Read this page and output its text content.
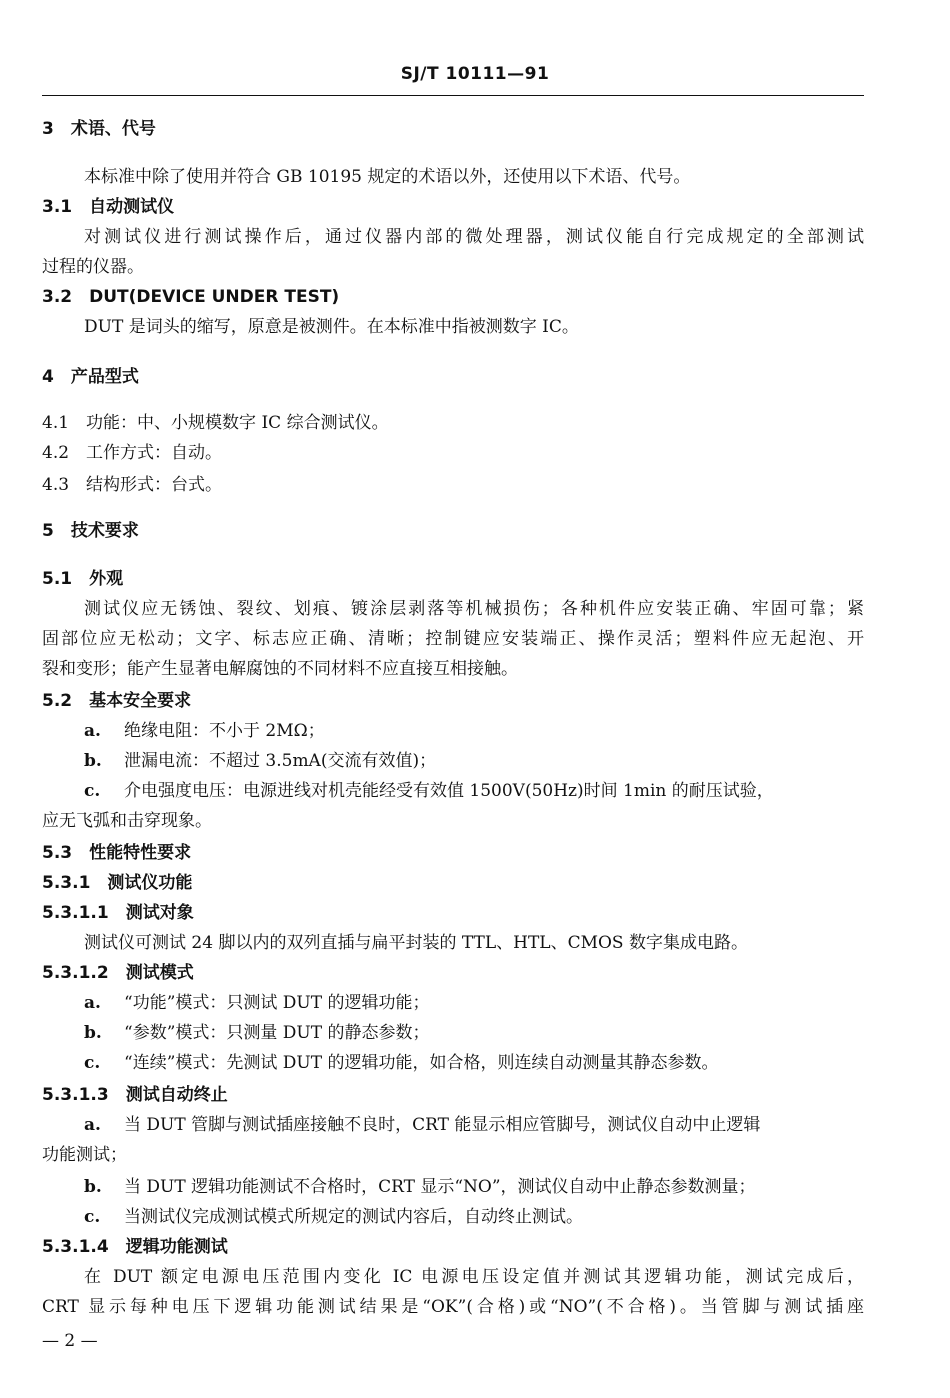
SJ/T 10111—91
3　术语、代号
本标准中除了使用并符合 GB 10195 规定的术语以外，还使用以下术语、代号。
3.1　自动测试仪
对测试仪进行测试操作后，通过仪器内部的微处理器，测试仪能自行完成规定的全部测试
过程的仪器。
3.2　DUT(DEVICE UNDER TEST)
DUT 是词头的缩写，原意是被测件。在本标准中指被测数字 IC。
4　产品型式
4.1　功能：中、小规模数字 IC 综合测试仪。
4.2　工作方式：自动。
4.3　结构形式：台式。
5　技术要求
5.1　外观
测试仪应无锈蚀、裂纹、划痕、镀涂层剥落等机械损伤；各种机件应安装正确、牢固可靠；紧
固部位应无松动；文字、标志应正确、清晰；控制键应安装端正、操作灵活；塑料件应无起泡、开
裂和变形；能产生显著电解腐蚀的不同材料不应直接互相接触。
5.2　基本安全要求
a. 绝缘电阻：不小于 2MΩ；
b. 泄漏电流：不超过 3.5mA(交流有效值)；
c. 介电强度电压：电源进线对机壳能经受有效值 1500V(50Hz)时间 1min 的耐压试验，
应无飞弧和击穿现象。
5.3　性能特性要求
5.3.1　测试仪功能
5.3.1.1　测试对象
测试仪可测试 24 脚以内的双列直插与扁平封装的 TTL、HTL、CMOS 数字集成电路。
5.3.1.2　测试模式
a. “功能”模式：只测试 DUT 的逻辑功能；
b. “参数”模式：只测量 DUT 的静态参数；
c. “连续”模式：先测试 DUT 的逻辑功能，如合格，则连续自动测量其静态参数。
5.3.1.3　测试自动终止
a. 当 DUT 管脚与测试插座接触不良时，CRT 能显示相应管脚号，测试仪自动中止逻辑
功能测试；
b. 当 DUT 逻辑功能测试不合格时，CRT 显示“NO”，测试仪自动中止静态参数测量；
c. 当测试仪完成测试模式所规定的测试内容后，自动终止测试。
5.3.1.4　逻辑功能测试
在 DUT 额定电源电压范围内变化 IC 电源电压设定值并测试其逻辑功能，测试完成后，
CRT 显示每种电压下逻辑功能测试结果是“OK”(合格)或“NO”(不合格)。当管脚与测试插座
— 2 —
